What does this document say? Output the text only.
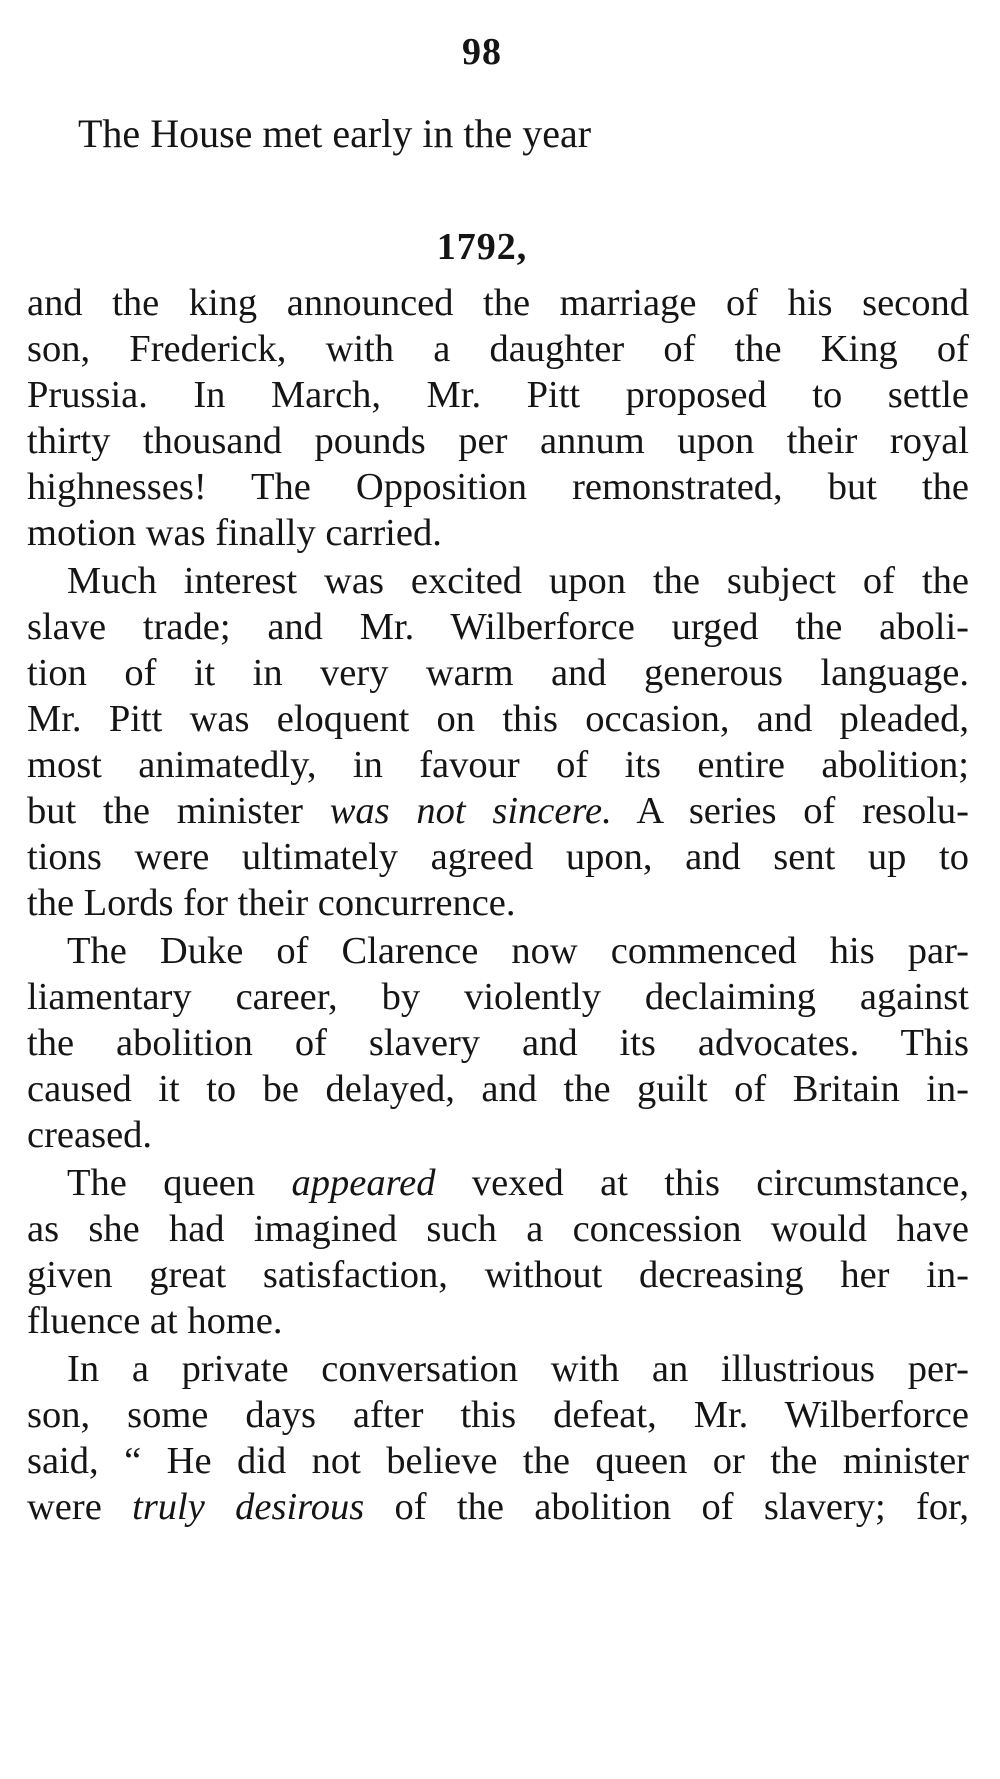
98
The House met early in the year
1792,
and the king announced the marriage of his second
son, Frederick, with a daughter of the King of
Prussia. In March, Mr. Pitt proposed to settle
thirty thousand pounds per annum upon their royal
highnesses! The Opposition remonstrated, but the
motion was finally carried.
Much interest was excited upon the subject of the
slave trade; and Mr. Wilberforce urged the aboli-
tion of it in very warm and generous language.
Mr. Pitt was eloquent on this occasion, and pleaded,
most animatedly, in favour of its entire abolition;
but the minister was not sincere. A series of resolu-
tions were ultimately agreed upon, and sent up to
the Lords for their concurrence.
The Duke of Clarence now commenced his par-
liamentary career, by violently declaiming against
the abolition of slavery and its advocates. This
caused it to be delayed, and the guilt of Britain in-
creased.
The queen appeared vexed at this circumstance,
as she had imagined such a concession would have
given great satisfaction, without decreasing her in-
fluence at home.
In a private conversation with an illustrious per-
son, some days after this defeat, Mr. Wilberforce
said, “ He did not believe the queen or the minister
were truly desirous of the abolition of slavery; for,
